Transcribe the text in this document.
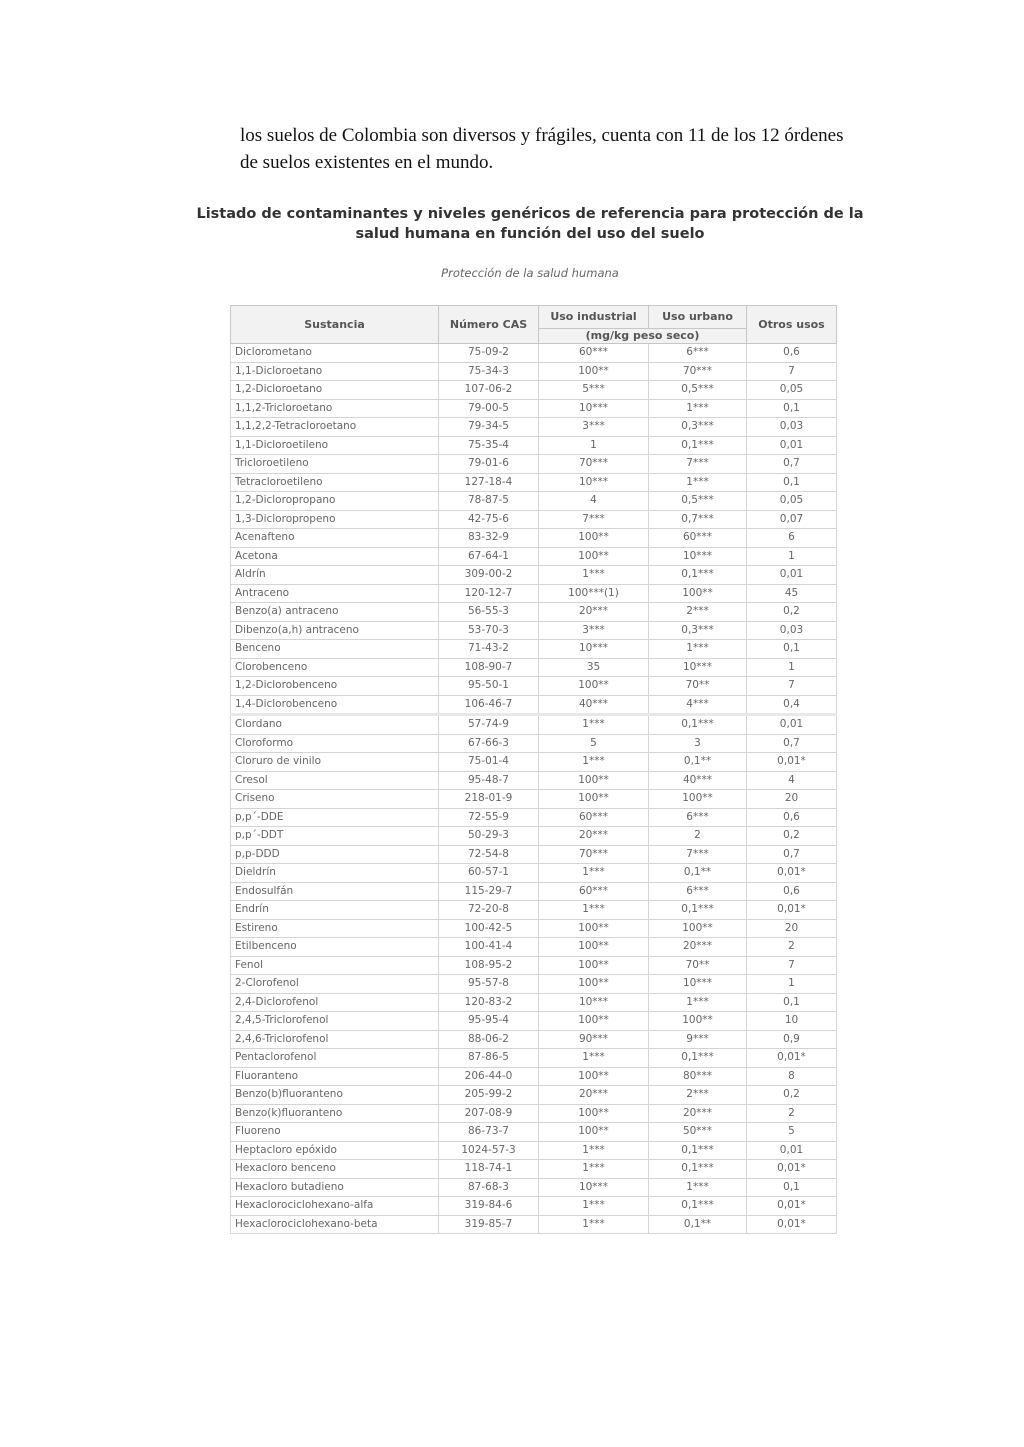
los suelos de Colombia son diversos y frágiles, cuenta con 11 de los 12 órdenes de suelos existentes en el mundo.

Listado de contaminantes y niveles genéricos de referencia para protección de la
salud humana en función del uso del suelo

Protección de la salud humana

Sustancia	Número CAS	Uso industrial	Uso urbano	Otros usos
		(mg/kg peso seco)		
Diclorometano	75-09-2	60***	6***	0,6
1,1-Dicloroetano	75-34-3	100**	70***	7
1,2-Dicloroetano	107-06-2	5***	0,5***	0,05
1,1,2-Tricloroetano	79-00-5	10***	1***	0,1
1,1,2,2-Tetracloroetano	79-34-5	3***	0,3***	0,03
1,1-Dicloroetileno	75-35-4	1	0,1***	0,01
Tricloroetileno	79-01-6	70***	7***	0,7
Tetracloroetileno	127-18-4	10***	1***	0,1
1,2-Dicloropropano	78-87-5	4	0,5***	0,05
1,3-Dicloropropeno	42-75-6	7***	0,7***	0,07
Acenafteno	83-32-9	100**	60***	6
Acetona	67-64-1	100**	10***	1
Aldrín	309-00-2	1***	0,1***	0,01
Antraceno	120-12-7	100***(1)	100**	45
Benzo(a) antraceno	56-55-3	20***	2***	0,2
Dibenzo(a,h) antraceno	53-70-3	3***	0,3***	0,03
Benceno	71-43-2	10***	1***	0,1
Clorobenceno	108-90-7	35	10***	1
1,2-Diclorobenceno	95-50-1	100**	70**	7
1,4-Diclorobenceno	106-46-7	40***	4***	0,4
Clordano	57-74-9	1***	0,1***	0,01
Cloroformo	67-66-3	5	3	0,7
Cloruro de vinilo	75-01-4	1***	0,1**	0,01*
Cresol	95-48-7	100**	40***	4
Criseno	218-01-9	100**	100**	20
p,p´-DDE	72-55-9	60***	6***	0,6
p,p´-DDT	50-29-3	20***	2	0,2
p,p-DDD	72-54-8	70***	7***	0,7
Dieldrín	60-57-1	1***	0,1**	0,01*
Endosulfán	115-29-7	60***	6***	0,6
Endrín	72-20-8	1***	0,1***	0,01*
Estireno	100-42-5	100**	100**	20
Etilbenceno	100-41-4	100**	20***	2
Fenol	108-95-2	100**	70**	7
2-Clorofenol	95-57-8	100**	10***	1
2,4-Diclorofenol	120-83-2	10***	1***	0,1
2,4,5-Triclorofenol	95-95-4	100**	100**	10
2,4,6-Triclorofenol	88-06-2	90***	9***	0,9
Pentaclorofenol	87-86-5	1***	0,1***	0,01*
Fluoranteno	206-44-0	100**	80***	8
Benzo(b)fluoranteno	205-99-2	20***	2***	0,2
Benzo(k)fluoranteno	207-08-9	100**	20***	2
Fluoreno	86-73-7	100**	50***	5
Heptacloro epóxido	1024-57-3	1***	0,1***	0,01
Hexacloro benceno	118-74-1	1***	0,1***	0,01*
Hexacloro butadieno	87-68-3	10***	1***	0,1
Hexaclorociclohexano-alfa	319-84-6	1***	0,1***	0,01*
Hexaclorociclohexano-beta	319-85-7	1***	0,1**	0,01*
